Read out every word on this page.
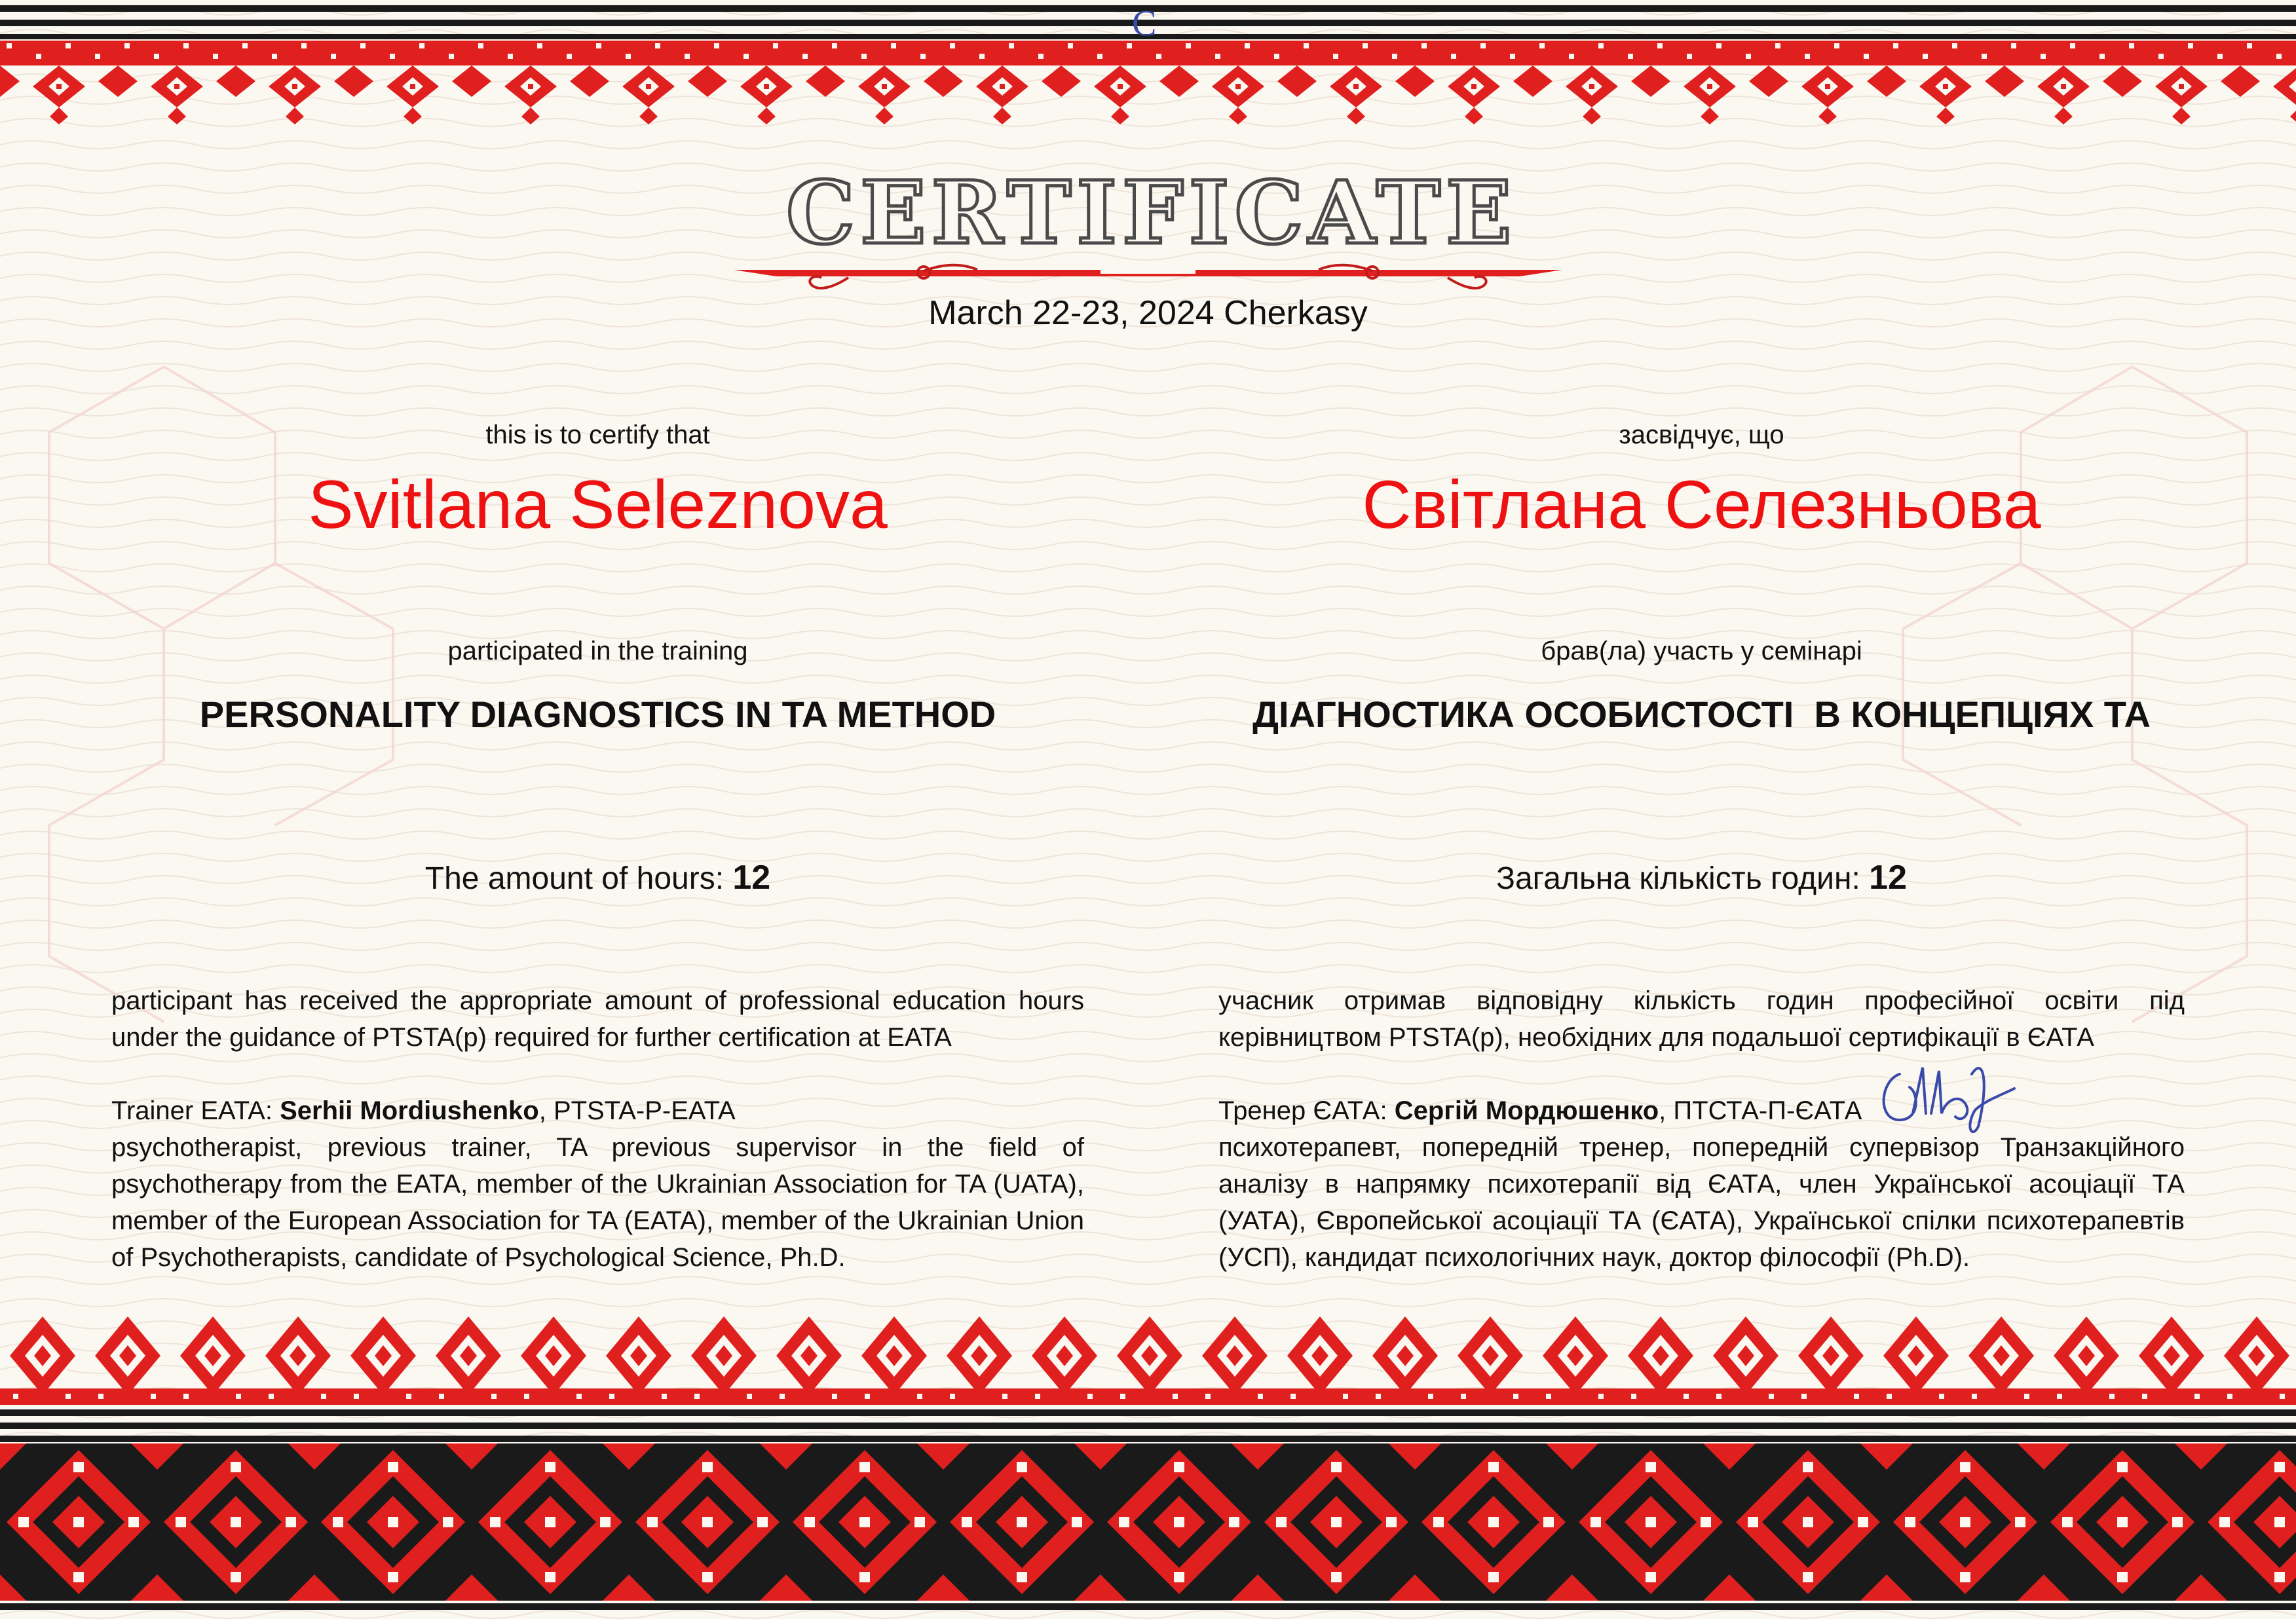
C
CERTIFICATE
March 22-23, 2024 Cherkasy
this is to certify that
Svitlana Seleznova
participated in the training
PERSONALITY DIAGNOSTICS IN TA METHOD
The amount of hours: 12
participant has received the appropriate amount of professional education hours under the guidance of PTSTA(p) required for further certification at EATA
Trainer EATA: Serhii Mordiushenko, PTSTA-P-EATA
psychotherapist, previous trainer, TA previous supervisor in the field of psychotherapy from the EATA, member of the Ukrainian Association for TA (UATA), member of the European Association for TA (EATA), member of the Ukrainian Union of Psychotherapists, candidate of Psychological Science, Ph.D.
засвідчує, що
Світлана Селезньова
брав(ла) участь у семінарі
ДІАГНОСТИКА ОСОБИСТОСТІ  В КОНЦЕПЦІЯХ ТА
Загальна кількість годин: 12
учасник отримав відповідну кількість годин професійної освіти під керівництвом PTSTA(p), необхідних для подальшої сертифікації в ЄАТА
Тренер ЄАТА: Сергій Мордюшенко, ПТСТА-П-ЄАТА
психотерапевт, попередній тренер, попередній супервізор Транзакційного аналізу в напрямку психотерапії від ЄАТА, член Української асоціації ТА (УАТА), Європейської асоціації ТА (ЄАТА), Української спілки психотерапевтів (УСП), кандидат психологічних наук, доктор філософії (Ph.D).
